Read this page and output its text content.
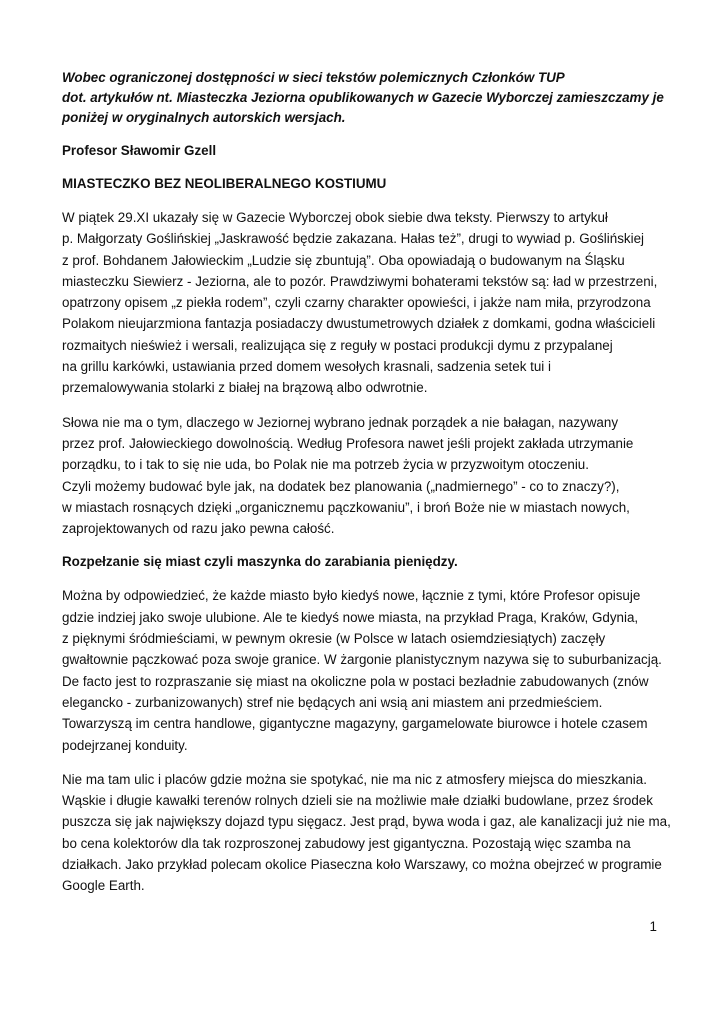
Wobec ograniczonej dostępności w sieci tekstów polemicznych Członków TUP
dot. artykułów nt. Miasteczka Jeziorna opublikowanych w Gazecie Wyborczej zamieszczamy je
poniżej w oryginalnych autorskich wersjach.
Profesor Sławomir Gzell
MIASTECZKO BEZ NEOLIBERALNEGO KOSTIUMU
W piątek 29.XI ukazały się w Gazecie Wyborczej obok siebie dwa teksty. Pierwszy to artykuł
p. Małgorzaty Goślińskiej „Jaskrawość będzie zakazana. Hałas też”, drugi to wywiad p. Goślińskiej
z prof. Bohdanem Jałowieckim „Ludzie się zbuntują”. Oba opowiadają o budowanym na Śląsku
miasteczku Siewierz - Jeziorna, ale to pozór. Prawdziwymi bohaterami tekstów są: ład w przestrzeni,
opatrzony opisem „z piekła rodem”, czyli czarny charakter opowieści, i jakże nam miła, przyrodzona
Polakom nieujarzmiona fantazja posiadaczy dwustumetrowych działek z domkami, godna właścicieli
rozmaitych nieśwież i wersali, realizująca się z reguły w postaci produkcji dymu z przypalanej
na grillu karkówki, ustawiania przed domem wesołych krasnali, sadzenia setek tui i
przemalowywania stolarki z białej na brązową albo odwrotnie.
Słowa nie ma o tym, dlaczego w Jeziornej wybrano jednak porządek a nie bałagan, nazywany
przez prof. Jałowieckiego dowolnością. Według Profesora nawet jeśli projekt zakłada utrzymanie
porządku, to i tak to się nie uda, bo Polak nie ma potrzeb życia w przyzwoitym otoczeniu.
Czyli możemy budować byle jak, na dodatek bez planowania („nadmiernego” - co to znaczy?),
w miastach rosnących dzięki „organicznemu pączkowaniu”, i broń Boże nie w miastach nowych,
zaprojektowanych od razu jako pewna całość.
Rozpełzanie się miast czyli maszynka do zarabiania pieniędzy.
Można by odpowiedzieć, że każde miasto było kiedyś nowe, łącznie z tymi, które Profesor opisuje
gdzie indziej jako swoje ulubione. Ale te kiedyś nowe miasta, na przykład Praga, Kraków, Gdynia,
z pięknymi śródmieściami, w pewnym okresie (w Polsce w latach osiemdziesiątych) zaczęły
gwałtownie pączkować poza swoje granice. W żargonie planistycznym nazywa się to suburbanizacją.
De facto jest to rozpraszanie się miast na okoliczne pola w postaci bezładnie zabudowanych (znów
elegancko - zurbanizowanych) stref nie będących ani wsią ani miastem ani przedmieściem.
Towarzyszą im centra handlowe, gigantyczne magazyny, gargamelowate biurowce i hotele czasem
podejrzanej konduity.
Nie ma tam ulic i placów gdzie można sie spotykać, nie ma nic z atmosfery miejsca do mieszkania.
Wąskie i długie kawałki terenów rolnych dzieli sie na możliwie małe działki budowlane, przez środek
puszcza się jak największy dojazd typu sięgacz. Jest prąd, bywa woda i gaz, ale kanalizacji już nie ma,
bo cena kolektorów dla tak rozproszonej zabudowy jest gigantyczna. Pozostają więc szamba na
działkach. Jako przykład polecam okolice Piaseczna koło Warszawy, co można obejrzeć w programie
Google Earth.
1
